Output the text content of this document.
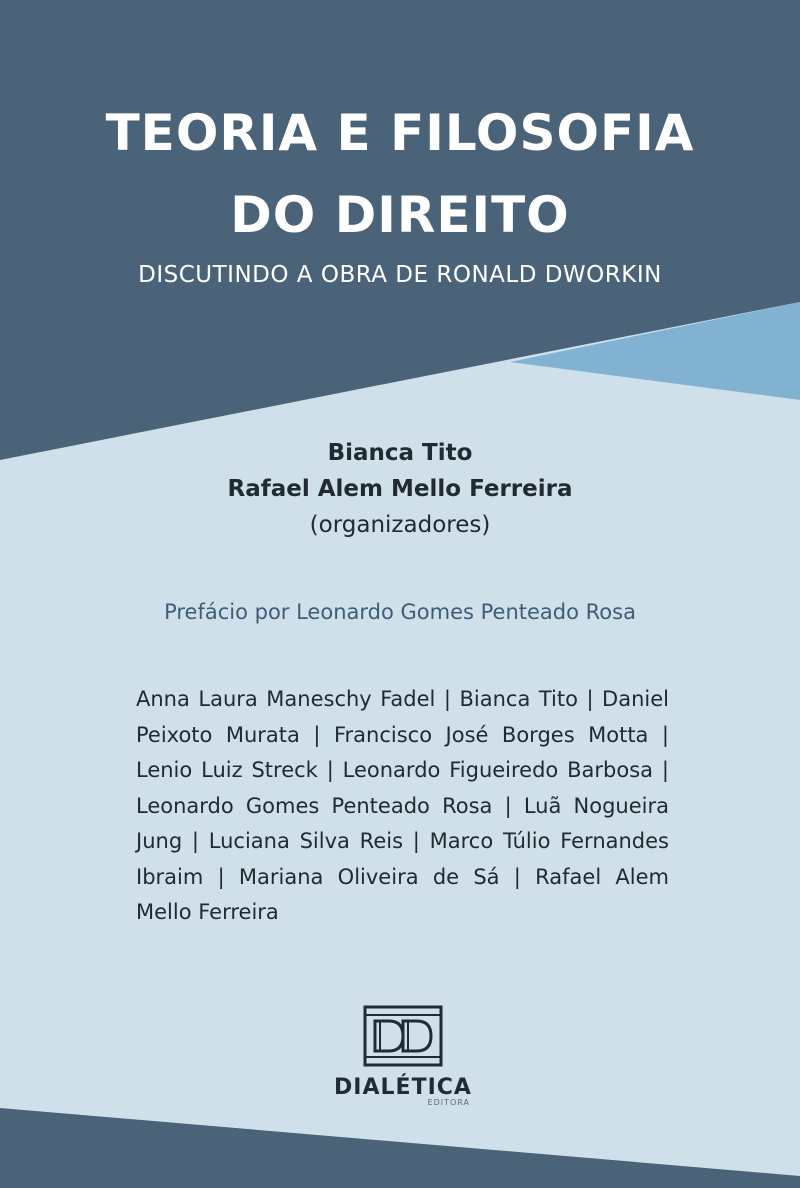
TEORIA E FILOSOFIA
DO DIREITO
DISCUTINDO A OBRA DE RONALD DWORKIN
Bianca Tito
Rafael Alem Mello Ferreira
(organizadores)
Prefácio por Leonardo Gomes Penteado Rosa
Anna Laura Maneschy Fadel | Bianca Tito | Daniel Peixoto Murata | Francisco José Borges Motta | Lenio Luiz Streck | Leonardo Figueiredo Barbosa | Leonardo Gomes Penteado Rosa | Luã Nogueira Jung | Luciana Silva Reis | Marco Túlio Fernandes Ibraim | Mariana Oliveira de Sá | Rafael Alem Mello Ferreira
DIALÉTICA
EDITORA
